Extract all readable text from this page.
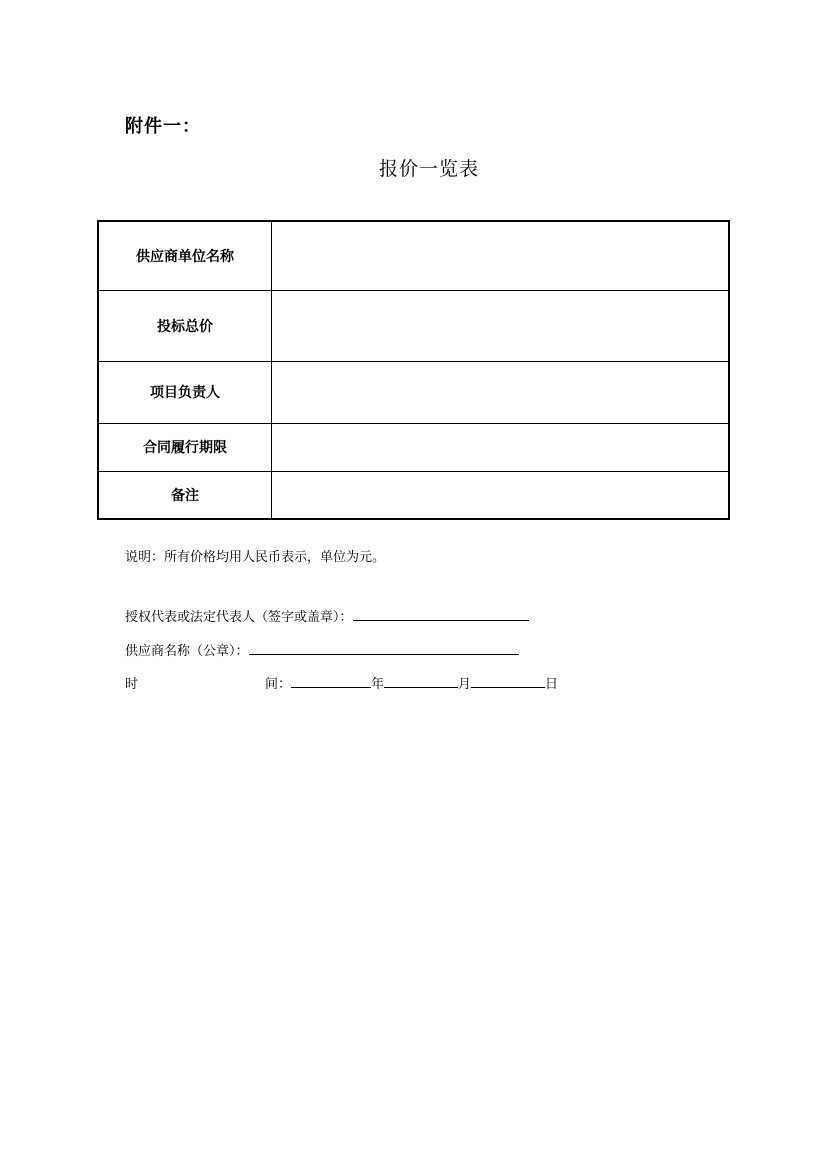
附件一：
报价一览表
供应商单位名称	
投标总价	
项目负责人	
合同履行期限	
备注	
说明：所有价格均用人民币表示，单位为元。
授权代表或法定代表人（签字或盖章）：
供应商名称（公章）：
时	间：	年	月	日
